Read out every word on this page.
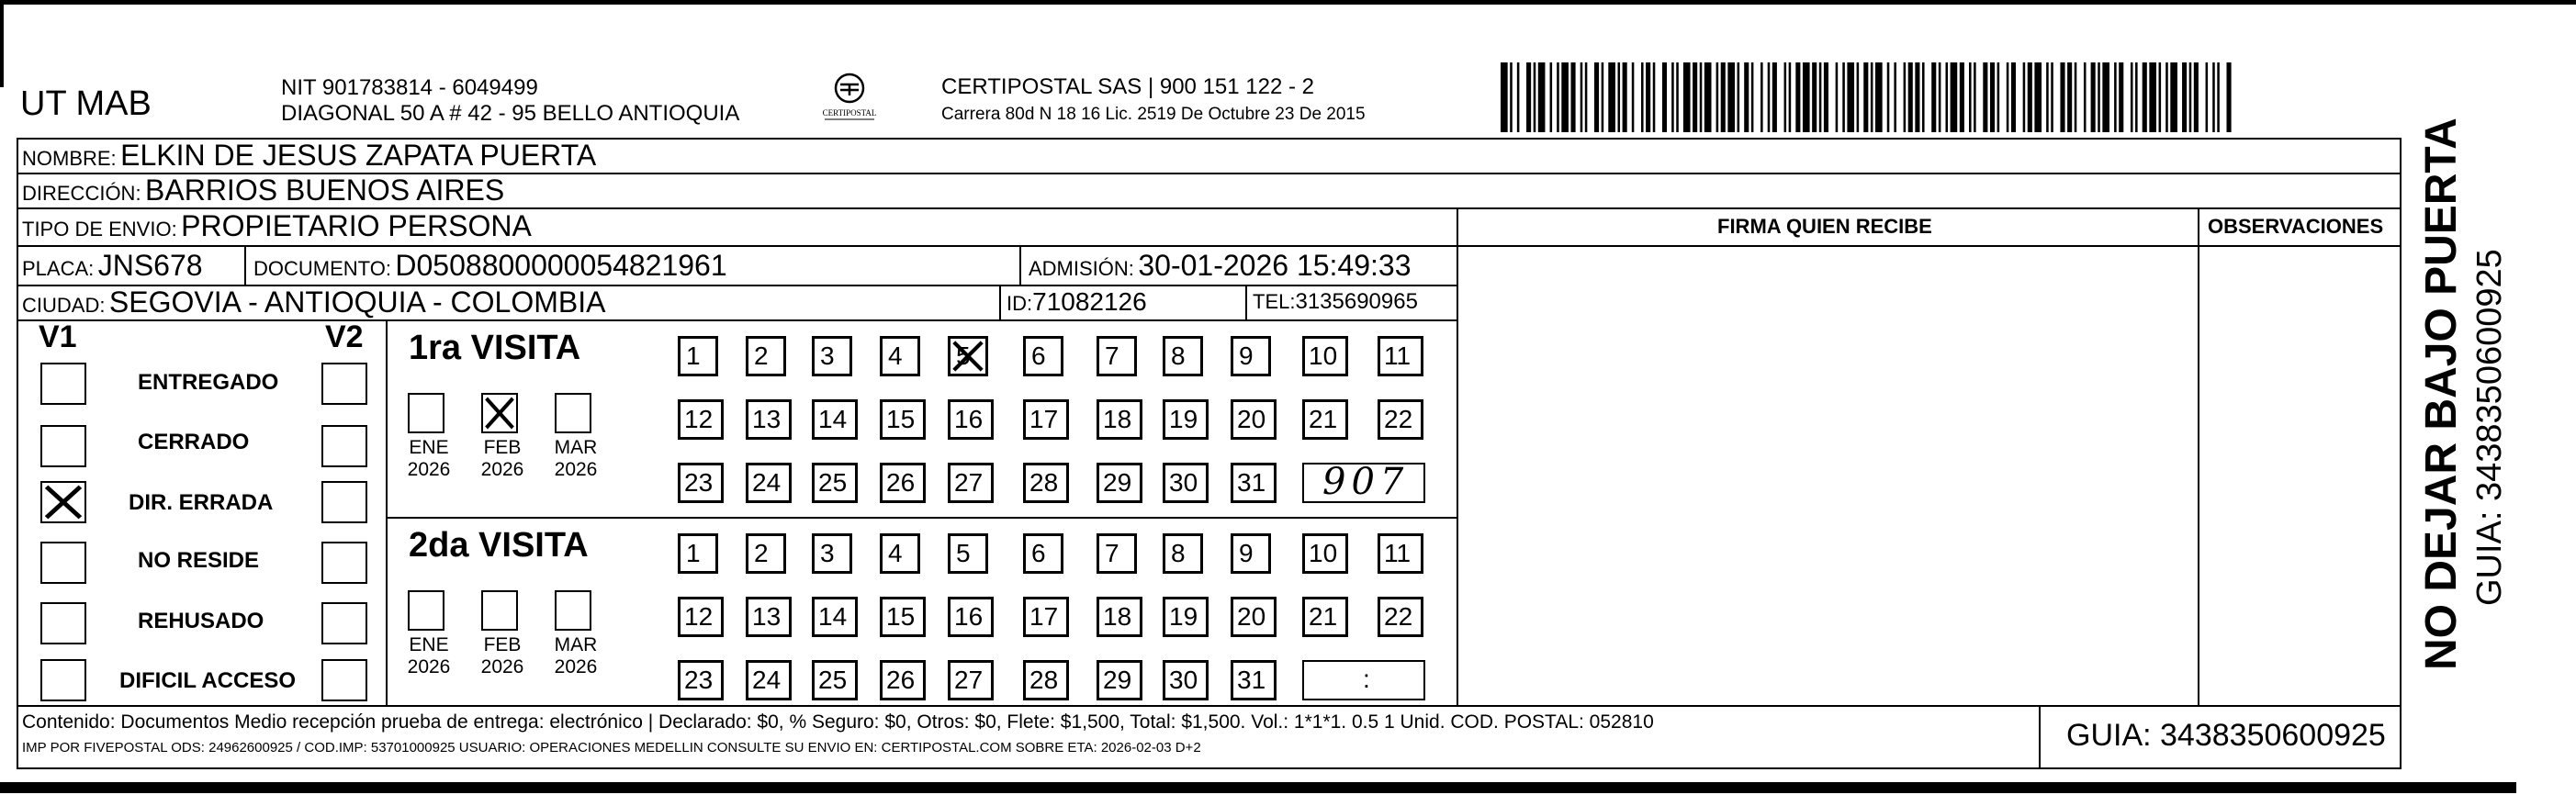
UT MAB	NIT 901783814 - 6049499
DIAGONAL 50 A # 42 - 95 BELLO ANTIOQUIA	CERTIPOSTAL
CERTIPOSTAL SAS | 900 151 122 - 2
Carrera 80d N 18 16 Lic. 2519 De Octubre 23 De 2015
NOMBRE: ELKIN DE JESUS ZAPATA PUERTA
DIRECCIÓN: BARRIOS BUENOS AIRES
TIPO DE ENVIO: PROPIETARIO PERSONA	FIRMA QUIEN RECIBE	OBSERVACIONES
PLACA: JNS678	DOCUMENTO: D0508800000054821961	ADMISIÓN: 30-01-2026 15:49:33
CIUDAD: SEGOVIA - ANTIOQUIA - COLOMBIA	ID:71082126	TEL:3135690965
V1	V2
ENTREGADO
CERRADO
DIR. ERRADA
NO RESIDE
REHUSADO
DIFICIL ACCESO
1ra VISITA
ENE
2026
FEB
2026
MAR
2026
1	2	3	4	5	6	7	8	9	10	11
12	13	14	15	16	17	18	19	20	21	22
23	24	25	26	27	28	29	30	31	907
2da VISITA
ENE
2026
FEB
2026
MAR
2026
1	2	3	4	5	6	7	8	9	10	11
12	13	14	15	16	17	18	19	20	21	22
23	24	25	26	27	28	29	30	31	:
Contenido: Documentos Medio recepción prueba de entrega: electrónico | Declarado: $0, % Seguro: $0, Otros: $0, Flete: $1,500, Total: $1,500. Vol.: 1*1*1. 0.5 1 Unid. COD. POSTAL: 052810
IMP POR FIVEPOSTAL ODS: 24962600925 / COD.IMP: 53701000925 USUARIO: OPERACIONES MEDELLIN CONSULTE SU ENVIO EN: CERTIPOSTAL.COM SOBRE ETA: 2026-02-03 D+2	GUIA: 3438350600925
NO DEJAR BAJO PUERTA GUIA: 3438350600925
